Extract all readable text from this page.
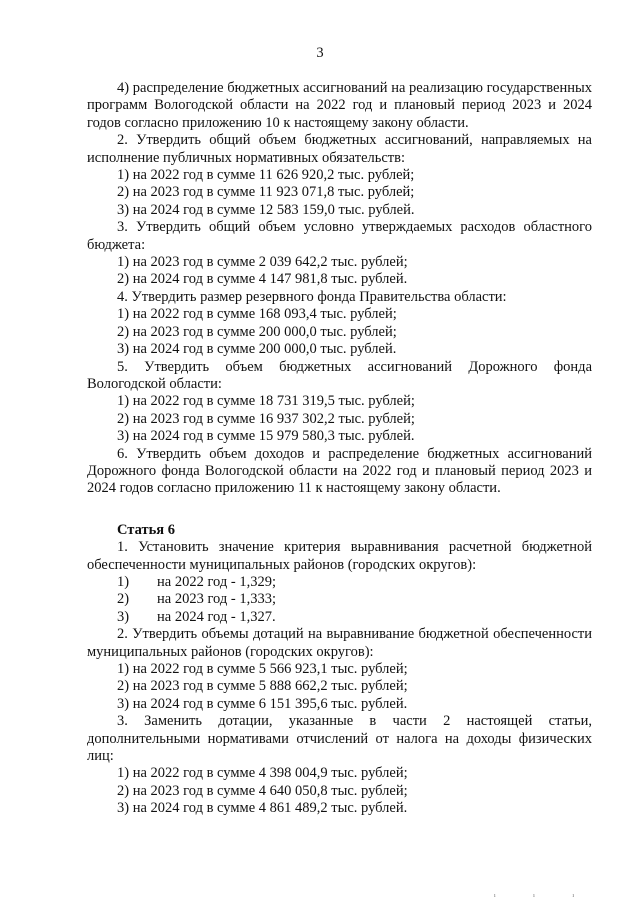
3

4) распределение бюджетных ассигнований на реализацию государственных программ Вологодской области на 2022 год и плановый период 2023 и 2024 годов согласно приложению 10 к настоящему закону области.

2. Утвердить общий объем бюджетных ассигнований, направляемых на исполнение публичных нормативных обязательств:

1) на 2022 год в сумме 11 626 920,2 тыс. рублей;

2) на 2023 год в сумме 11 923 071,8 тыс. рублей;

3) на 2024 год в сумме 12 583 159,0 тыс. рублей.

3. Утвердить общий объем условно утверждаемых расходов областного бюджета:

1) на 2023 год в сумме 2 039 642,2 тыс. рублей;

2) на 2024 год в сумме 4 147 981,8 тыс. рублей.

4. Утвердить размер резервного фонда Правительства области:

1) на 2022 год в сумме 168 093,4 тыс. рублей;

2) на 2023 год в сумме 200 000,0 тыс. рублей;

3) на 2024 год в сумме 200 000,0 тыс. рублей.

5. Утвердить объем бюджетных ассигнований Дорожного фонда Вологодской области:

1) на 2022 год в сумме 18 731 319,5 тыс. рублей;

2) на 2023 год в сумме 16 937 302,2 тыс. рублей;

3) на 2024 год в сумме 15 979 580,3 тыс. рублей.

6. Утвердить объем доходов и распределение бюджетных ассигнований Дорожного фонда Вологодской области на 2022 год и плановый период 2023 и 2024 годов согласно приложению 11 к настоящему закону области.

Статья 6

1. Установить значение критерия выравнивания расчетной бюджетной обеспеченности муниципальных районов (городских округов):

1)	на 2022 год - 1,329;
2)	на 2023 год - 1,333;
3)	на 2024 год - 1,327.

2. Утвердить объемы дотаций на выравнивание бюджетной обеспеченности муниципальных районов (городских округов):

1) на 2022 год в сумме 5 566 923,1 тыс. рублей;

2) на 2023 год в сумме 5 888 662,2 тыс. рублей;

3) на 2024 год в сумме 6 151 395,6 тыс. рублей.

3. Заменить дотации, указанные в части 2 настоящей статьи, дополнительными нормативами отчислений от налога на доходы физических лиц:

1) на 2022 год в сумме 4 398 004,9 тыс. рублей;

2) на 2023 год в сумме 4 640 050,8 тыс. рублей;

3) на 2024 год в сумме 4 861 489,2 тыс. рублей.

ı ı ı
